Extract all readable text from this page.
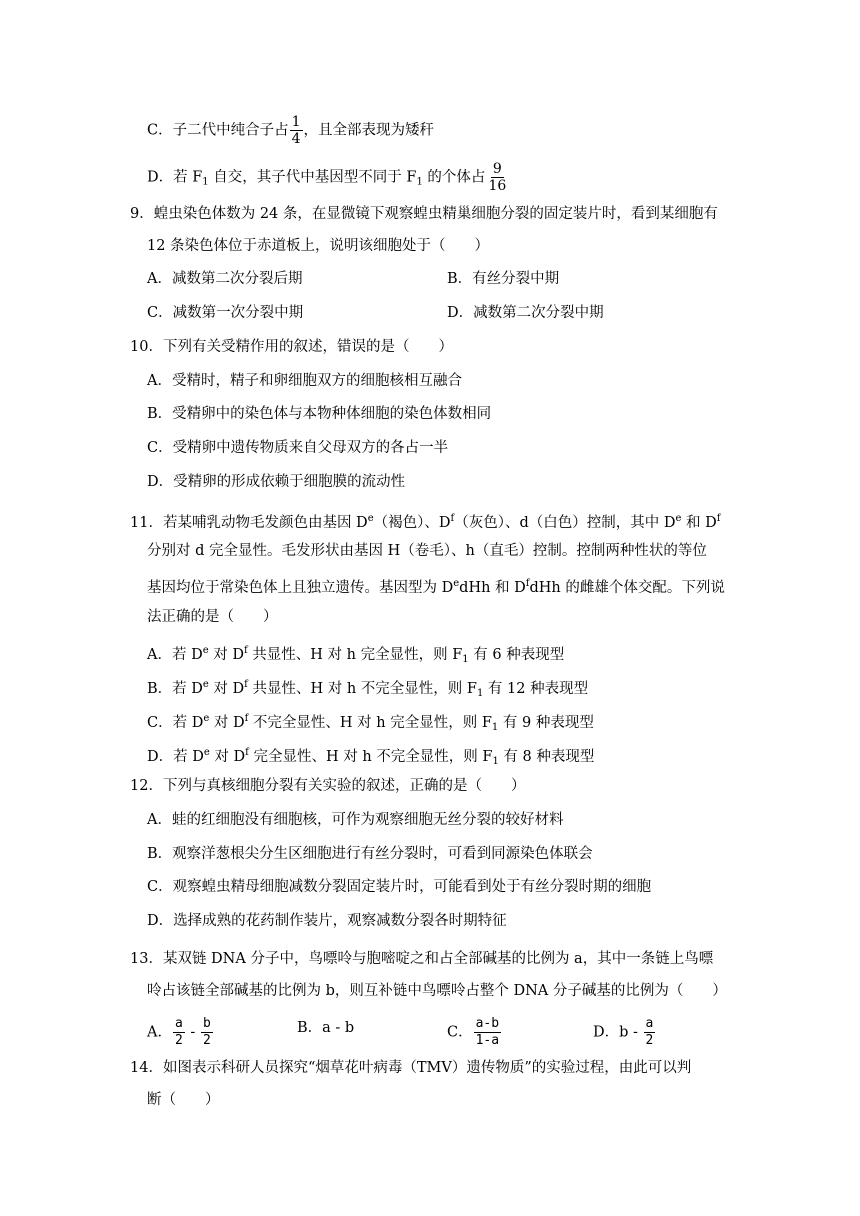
C．子二代中纯合子占 $\frac{1}{4}$ ，且全部表现为矮秆
D．若 $F_1$ 自交，其子代中基因型不同于 $F_1$ 的个体占 $\frac{9}{16}$
9．蝗虫染色体数为 24 条，在显微镜下观察蝗虫精巢细胞分裂的固定装片时，看到某细胞有
12 条染色体位于赤道板上，说明该细胞处于（　　）
A．减数第二次分裂后期	B．有丝分裂中期
C．减数第一次分裂中期	D．减数第二次分裂中期
10．下列有关受精作用的叙述，错误的是（　　）
A．受精时，精子和卵细胞双方的细胞核相互融合
B．受精卵中的染色体与本物种体细胞的染色体数相同
C．受精卵中遗传物质来自父母双方的各占一半
D．受精卵的形成依赖于细胞膜的流动性
11．若某哺乳动物毛发颜色由基因 De（褐色）、$D^f$（灰色）、d（白色）控制，其中 De 和 $D^f$
分别对 d 完全显性。毛发形状由基因 H（卷毛）、h（直毛）控制。控制两种性状的等位
基因均位于常染色体上且独立遗传。基因型为 DedHh 和 $D^fdHh$ 的雌雄个体交配。下列说
法正确的是（　　）
A．若 De 对 $D^f$ 共显性、H 对 h 完全显性，则 $F_1$ 有 6 种表现型
B．若 De 对 $D^f$ 共显性、H 对 h 不完全显性，则 $F_1$ 有 12 种表现型
C．若 De 对 $D^f$ 不完全显性、H 对 h 完全显性，则 $F_1$ 有 9 种表现型
D．若 De 对 $D^f$ 完全显性、H 对 h 不完全显性，则 $F_1$ 有 8 种表现型
12．下列与真核细胞分裂有关实验的叙述，正确的是（　　）
A．蛙的红细胞没有细胞核，可作为观察细胞无丝分裂的较好材料
B．观察洋葱根尖分生区细胞进行有丝分裂时，可看到同源染色体联会
C．观察蝗虫精母细胞减数分裂固定装片时，可能看到处于有丝分裂时期的细胞
D．选择成熟的花药制作装片，观察减数分裂各时期特征
13．某双链 DNA 分子中，鸟嘌呤与胞嘧啶之和占全部碱基的比例为 a，其中一条链上鸟嘌
呤占该链全部碱基的比例为 b，则互补链中鸟嘌呤占整个 DNA 分子碱基的比例为（　　）
A． $\frac{a}{2} - \frac{b}{2}$	B．a - b	C． $\frac{a-b}{1-a}$	D．b - $\frac{a}{2}$
14．如图表示科研人员探究“烟草花叶病毒（TMV）遗传物质”的实验过程，由此可以判
断（　　）
